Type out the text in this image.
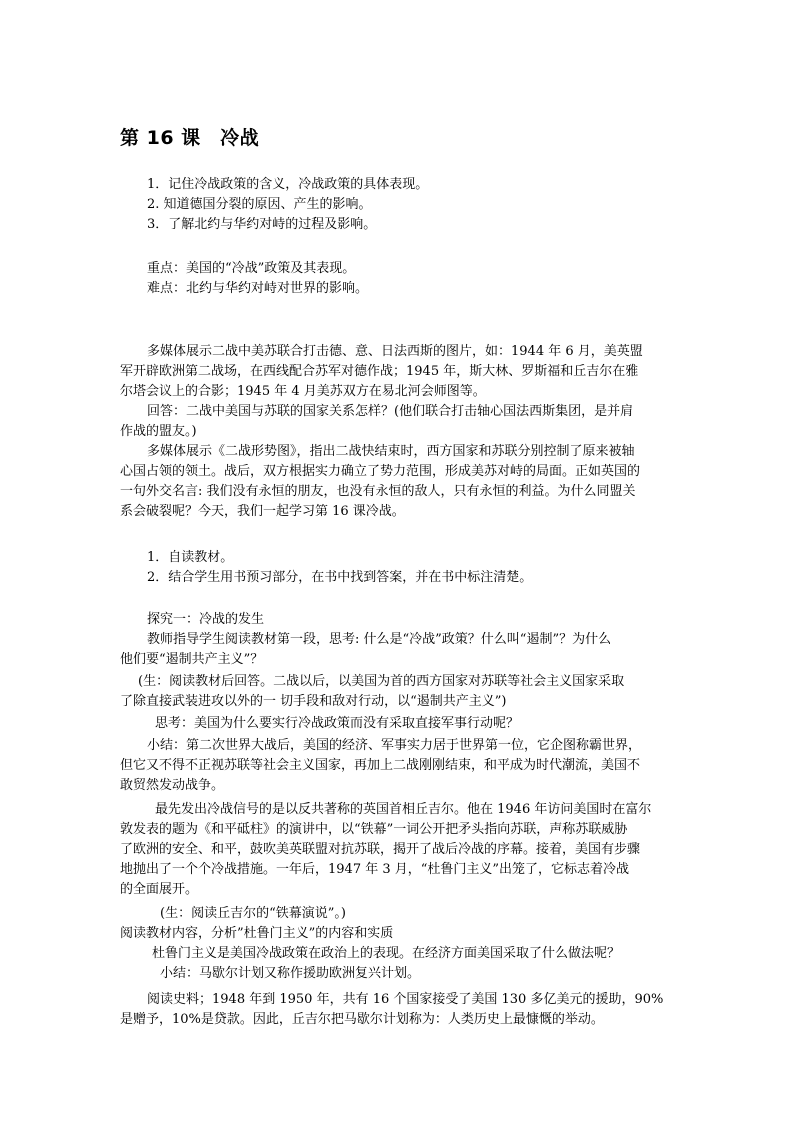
第 16 课　冷战
1．记住冷战政策的含义，冷战政策的具体表现。
2. 知道德国分裂的原因、产生的影响。
3．了解北约与华约对峙的过程及影响。
重点：美国的“冷战”政策及其表现。
难点：北约与华约对峙对世界的影响。
多媒体展示二战中美苏联合打击德、意、日法西斯的图片，如：1944 年 6 月，美英盟
军开辟欧洲第二战场，在西线配合苏军对德作战；1945 年，斯大林、罗斯福和丘吉尔在雅
尔塔会议上的合影；1945 年 4 月美苏双方在易北河会师图等。
回答：二战中美国与苏联的国家关系怎样？(他们联合打击轴心国法西斯集团，是并肩
作战的盟友。)
多媒体展示《二战形势图》，指出二战快结束时，西方国家和苏联分别控制了原来被轴
心国占领的领土。战后，双方根据实力确立了势力范围，形成美苏对峙的局面。正如英国的
一句外交名言: 我们没有永恒的朋友，也没有永恒的敌人，只有永恒的利益。为什么同盟关
系会破裂呢？今天，我们一起学习第 16 课冷战。
1．自读教材。
2．结合学生用书预习部分，在书中找到答案，并在书中标注清楚。
探究一：冷战的发生
教师指导学生阅读教材第一段，思考: 什么是“冷战”政策？什么叫“遏制”？为什么
他们要“遏制共产主义”？
(生：阅读教材后回答。二战以后，以美国为首的西方国家对苏联等社会主义国家采取
了除直接武装进攻以外的一 切手段和敌对行动，以“遏制共产主义”)
思考：美国为什么要实行冷战政策而没有采取直接军事行动呢？
小结：第二次世界大战后，美国的经济、军事实力居于世界第一位，它企图称霸世界，
但它又不得不正视苏联等社会主义国家，再加上二战刚刚结束，和平成为时代潮流，美国不
敢贸然发动战争。
最先发出冷战信号的是以反共著称的英国首相丘吉尔。他在 1946 年访问美国时在富尔
敦发表的题为《和平砥柱》的演讲中，以“铁幕”一词公开把矛头指向苏联，声称苏联威胁
了欧洲的安全、和平，鼓吹美英联盟对抗苏联，揭开了战后冷战的序幕。接着，美国有步骤
地抛出了一个个冷战措施。一年后，1947 年 3 月，“杜鲁门主义”出笼了，它标志着冷战
的全面展开。
(生：阅读丘吉尔的“铁幕演说”。)
阅读教材内容，分析”杜鲁门主义”的内容和实质
杜鲁门主义是美国冷战政策在政治上的表现。在经济方面美国采取了什么做法呢？
小结：马歇尔计划又称作援助欧洲复兴计划。
阅读史料；1948 年到 1950 年，共有 16 个国家接受了美国 130 多亿美元的援助，90%
是赠予，10%是贷款。因此，丘吉尔把马歇尔计划称为：人类历史上最慷慨的举动。
